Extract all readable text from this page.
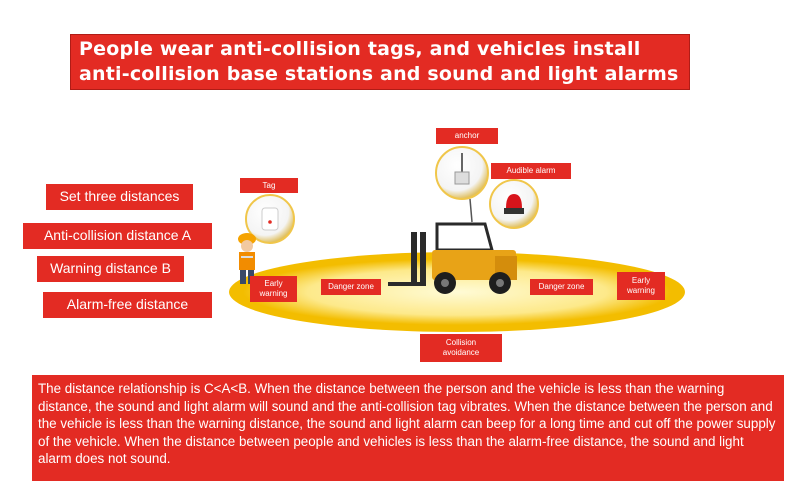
People wear anti-collision tags, and vehicles install
anti-collision base stations and sound and light alarms
Set three distances
Anti-collision distance A
Warning distance B
Alarm-free distance
Tag
anchor
Audible alarm
Early
warning
Danger zone	Danger zone
Early
warning
Collision
avoidance
The distance relationship is C<A<B. When the distance between the person and the vehicle is less than the warning distance, the sound and light alarm will sound and the anti-collision tag vibrates. When the distance between the person and the vehicle is less than the warning distance, the sound and light alarm can beep for a long time and cut off the power supply of the vehicle. When the distance between people and vehicles is less than the alarm-free distance, the sound and light alarm does not sound.
